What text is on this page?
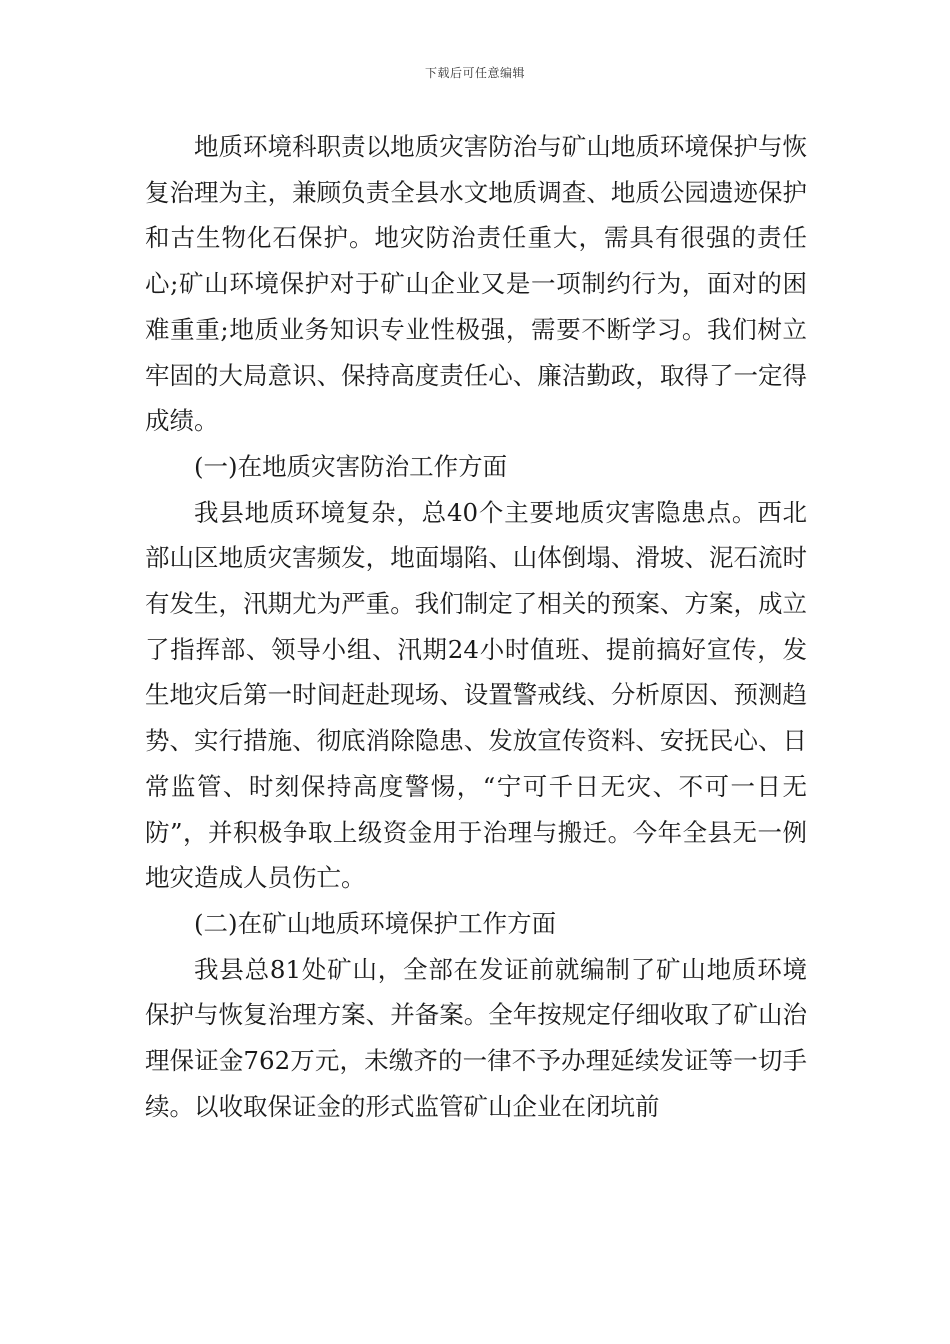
下载后可任意编辑

地质环境科职责以地质灾害防治与矿山地质环境保护与恢复治理为主，兼顾负责全县水文地质调查、地质公园遗迹保护和古生物化石保护。地灾防治责任重大，需具有很强的责任心;矿山环境保护对于矿山企业又是一项制约行为，面对的困难重重;地质业务知识专业性极强，需要不断学习。我们树立牢固的大局意识、保持高度责任心、廉洁勤政，取得了一定得成绩。

(一)在地质灾害防治工作方面

我县地质环境复杂，总40个主要地质灾害隐患点。西北部山区地质灾害频发，地面塌陷、山体倒塌、滑坡、泥石流时有发生，汛期尤为严重。我们制定了相关的预案、方案，成立了指挥部、领导小组、汛期24小时值班、提前搞好宣传，发生地灾后第一时间赶赴现场、设置警戒线、分析原因、预测趋势、实行措施、彻底消除隐患、发放宣传资料、安抚民心、日常监管、时刻保持高度警惕，“宁可千日无灾、不可一日无防”，并积极争取上级资金用于治理与搬迁。今年全县无一例地灾造成人员伤亡。

(二)在矿山地质环境保护工作方面

我县总81处矿山，全部在发证前就编制了矿山地质环境保护与恢复治理方案、并备案。全年按规定仔细收取了矿山治理保证金762万元，未缴齐的一律不予办理延续发证等一切手续。以收取保证金的形式监管矿山企业在闭坑前
